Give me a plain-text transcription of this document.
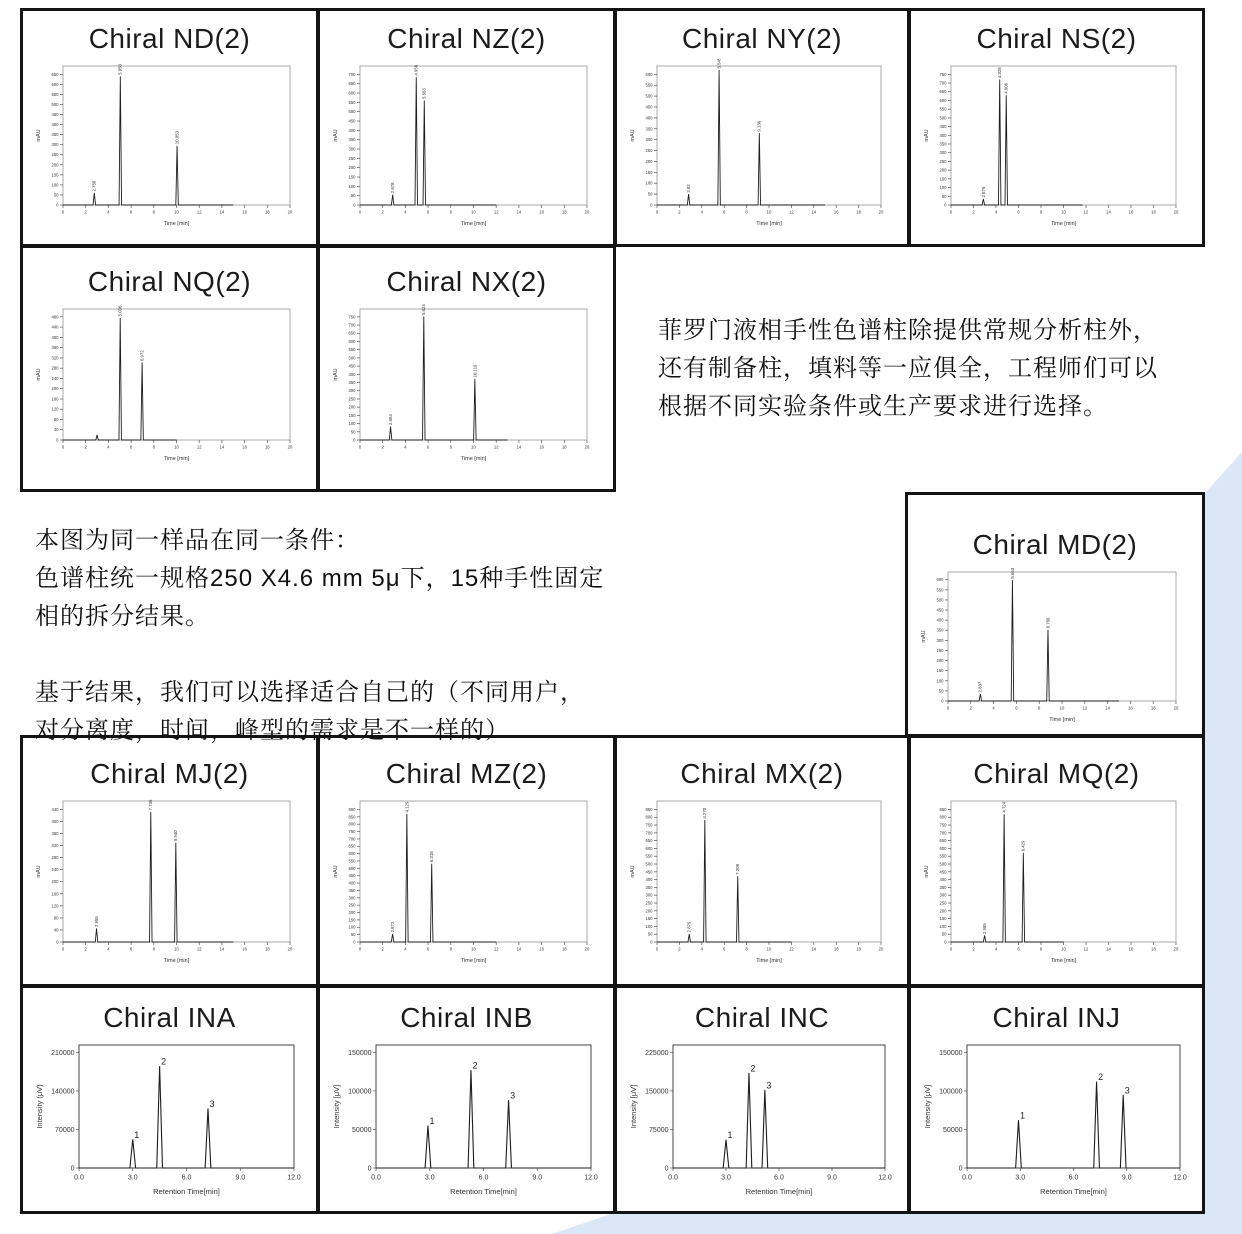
Chiral ND(2)
0
50
100
150
200
250
300
350
400
450
500
550
600
650
0	2	4	6	8	10	12	14	16	18	20
Time [min]
mAU
2.758
5.050
10.053
Chiral NZ(2)
0
50
100
150
200
250
300
350
400
450
500
550
600
650
700
0	2	4	6	8	10	12	14	16	18	20
Time [min]
mAU
2.878
4.956
5.663
Chiral NY(2)
0
50
100
150
200
250
300
350
400
450
500
550
600
0	2	4	6	8	10	12	14	16	18	20
Time [min]
mAU
2.82
5.545
9.136
Chiral NS(2)
0
50
100
150
200
250
300
350
400
450
500
550
600
650
700
750
0	2	4	6	8	10	12	14	16	18	20
Time [min]
mAU
2.876
4.328
4.906
Chiral NQ(2)
0
40
80
120
160
200
240
280
320
360
400
440
480
0	2	4	6	8	10	12	14	16	18	20
Time [min]
mAU
5.036
6.972
Chiral NX(2)
0
50
100
150
200
250
300
350
400
450
500
550
600
650
700
750
0	2	4	6	8	10	12	14	16	18	20
Time [min]
mAU
2.694
5.624
10.119
Chiral MD(2)
0
50
100
150
200
250
300
350
400
450
500
550
600
0	2	4	6	8	10	12	14	16	18	20
Time [min]
mAU
2.837
5.653
8.766
Chiral MJ(2)
0
40
80
120
160
200
240
280
320
360
400
440
0	2	4	6	8	10	12	14	16	18	20
Time [min]
mAU
2.955
7.735
9.940
Chiral MZ(2)
0
50
100
150
200
250
300
350
400
450
500
550
600
650
700
750
800
850
900
0	2	4	6	8	10	12	14	16	18	20
Time [min]
mAU
2.872
4.129
6.318
Chiral MX(2)
0
50
100
150
200
250
300
350
400
450
500
550
600
650
700
750
800
850
0	2	4	6	8	10	12	14	16	18	20
Time [min]
mAU
2.879
4.270
7.208
Chiral MQ(2)
0
50
100
150
200
250
300
350
400
450
500
550
600
650
700
750
800
850
0	2	4	6	8	10	12	14	16	18	20
Time [min]
mAU
2.985
4.724
6.429
Chiral INA
0
70000
140000
210000
0.0	3.0	6.0	9.0	12.0
Retention Time[min]
Intensity (μV)
1
2
3
Chiral INB
0
50000
100000
150000
0.0	3.0	6.0	9.0	12.0
Retention Time[min]
Intensity [μV]	1
2
3
Chiral INC
0
75000
150000
225000
0.0	3.0	6.0	9.0	12.0
Retention Time[min]
Intensity [μV]
1
2
3
Chiral INJ
0
50000
100000
150000
0.0	3.0	6.0	9.0	12.0
Retention Time[min]
Intensity [μV]	1
2
3
菲罗门液相手性色谱柱除提供常规分析柱外，
还有制备柱，填料等一应俱全，工程师们可以
根据不同实验条件或生产要求进行选择。
本图为同一样品在同一条件：
色谱柱统一规格250 X4.6 mm 5μ下，15种手性固定
相的拆分结果。
基于结果，我们可以选择适合自己的（不同用户，
对分离度，时间，峰型的需求是不一样的）
